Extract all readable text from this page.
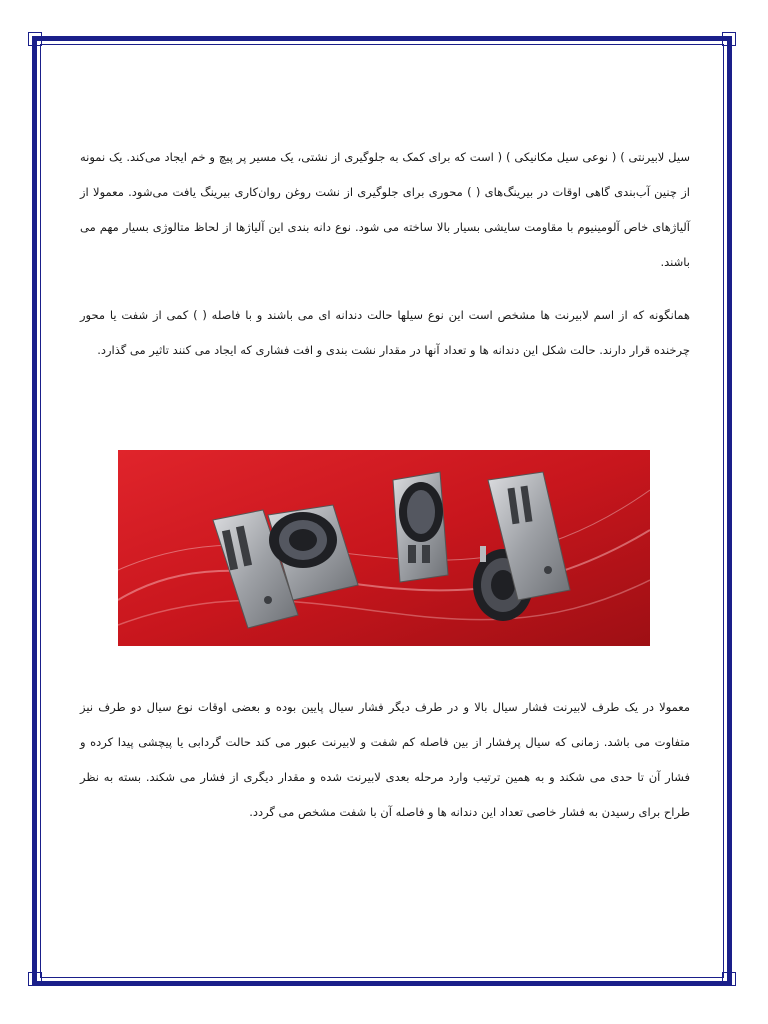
سیل لابیرنتی ) ( نوعی سیل مکانیکی ) ( است که برای کمک به جلوگیری از نشتی، یک مسیر پر پیچ و خم ایجاد می‌کند. یک نمونه از چنین آب‌بندی گاهی اوقات در بیرینگ‌های ( ) محوری برای جلوگیری از نشت روغن روان‌کاری بیرینگ یافت می‌شود. معمولا از آلیاژهای خاص آلومینیوم با مقاومت سایشی بسیار بالا ساخته می شود. نوع دانه بندی این آلیاژها از لحاظ متالوژی بسیار مهم می باشند.

همانگونه که از اسم لابیرنت ها مشخص است این نوع سیلها حالت دندانه ای می باشند و با فاصله ( ) کمی از شفت یا محور چرخنده قرار دارند. حالت شکل این دندانه ها و تعداد آنها در مقدار نشت بندی و افت فشاری که ایجاد می کنند تاثیر می گذارد.

معمولا در یک طرف لابیرنت فشار سیال بالا و در طرف دیگر فشار سیال پایین بوده و بعضی اوقات نوع سیال دو طرف نیز متفاوت می باشد. زمانی که سیال پرفشار از بین فاصله کم شفت و لابیرنت عبور می کند حالت گردابی یا پیچشی پیدا کرده و فشار آن تا حدی می شکند و به همین ترتیب وارد مرحله بعدی لابیرنت شده و مقدار دیگری از فشار می شکند. بسته به نظر طراح برای رسیدن به فشار خاصی تعداد این دندانه ها و فاصله آن با شفت مشخص می گردد.
